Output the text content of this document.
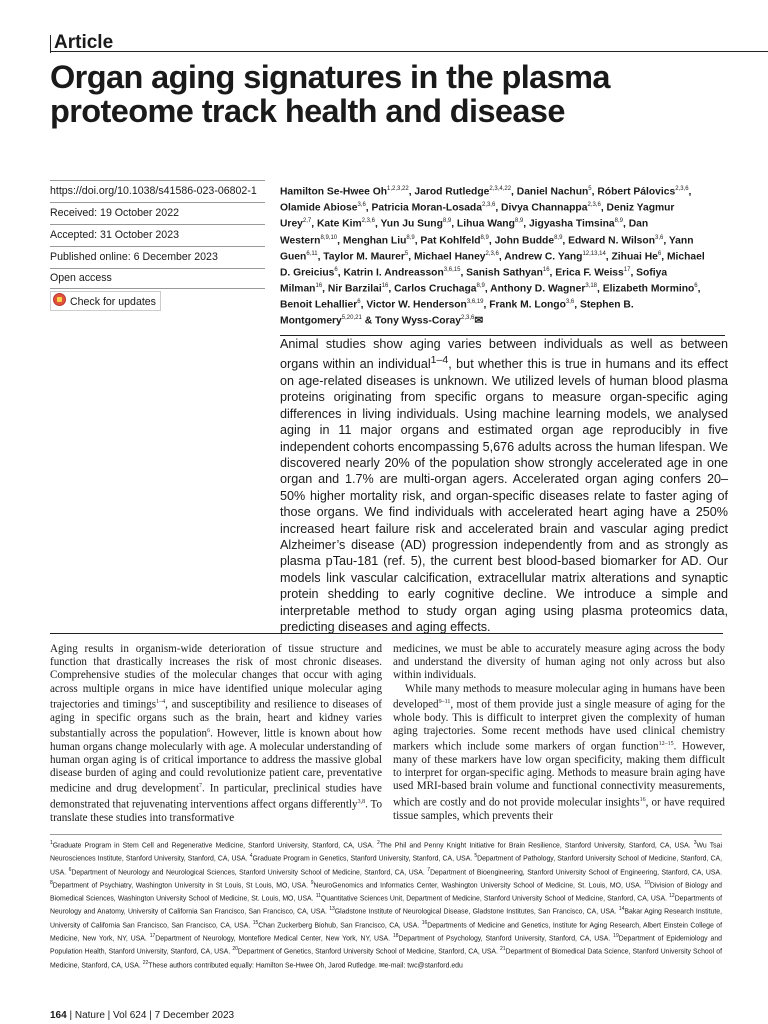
Article
Organ aging signatures in the plasma
proteome track health and disease
https://doi.org/10.1038/s41586-023-06802-1
Received: 19 October 2022
Accepted: 31 October 2023
Published online: 6 December 2023
Open access
Check for updates
Hamilton Se-Hwee Oh$^{1,2,3,22}$, Jarod Rutledge$^{2,3,4,22}$, Daniel Nachun$^5$, Róbert Pálovics$^{2,3,6}$, Olamide Abiose$^{3,6}$, Patricia Moran-Losada$^{2,3,6}$, Divya Channappa$^{2,3,6}$, Deniz Yagmur Urey$^{2,7}$, Kate Kim$^{2,3,6}$, Yun Ju Sung$^{8,9}$, Lihua Wang$^{8,9}$, Jigyasha Timsina$^{8,9}$, Dan Western$^{8,9,10}$, Menghan Liu$^{8,9}$, Pat Kohlfeld$^{8,9}$, John Budde$^{8,9}$, Edward N. Wilson$^{3,6}$, Yann Guen$^{6,11}$, Taylor M. Maurer$^5$, Michael Haney$^{2,3,6}$, Andrew C. Yang$^{12,13,14}$, Zihuai He$^6$, Michael D. Greicius$^6$, Katrin I. Andreasson$^{3,6,15}$, Sanish Sathyan$^{16}$, Erica F. Weiss$^{17}$, Sofiya Milman$^{16}$, Nir Barzilai$^{16}$, Carlos Cruchaga$^{8,9}$, Anthony D. Wagner$^{3,18}$, Elizabeth Mormino$^6$, Benoit Lehallier$^6$, Victor W. Henderson$^{3,6,19}$, Frank M. Longo$^{3,6}$, Stephen B. Montgomery$^{5,20,21}$ & Tony Wyss-Coray$^{2,3,6}$✉

Animal studies show aging varies between individuals as well as between organs within an individual$^{1-4}$, but whether this is true in humans and its effect on age-related diseases is unknown. We utilized levels of human blood plasma proteins originating from specific organs to measure organ-specific aging differences in living individuals. Using machine learning models, we analysed aging in 11 major organs and estimated organ age reproducibly in five independent cohorts encompassing 5,676 adults across the human lifespan. We discovered nearly 20% of the population show strongly accelerated age in one organ and 1.7% are multi-organ agers. Accelerated organ aging confers 20–50% higher mortality risk, and organ-specific diseases relate to faster aging of those organs. We find individuals with accelerated heart aging have a 250% increased heart failure risk and accelerated brain and vascular aging predict Alzheimer’s disease (AD) progression independently from and as strongly as plasma pTau-181 (ref. 5), the current best blood-based biomarker for AD. Our models link vascular calcification, extracellular matrix alterations and synaptic protein shedding to early cognitive decline. We introduce a simple and interpretable method to study organ aging using plasma proteomics data, predicting diseases and aging effects.

Aging results in organism-wide deterioration of tissue structure and function that drastically increases the risk of most chronic diseases. Comprehensive studies of the molecular changes that occur with aging across multiple organs in mice have identified unique molecular aging trajectories and timings$^{1-4}$, and susceptibility and resilience to diseases of aging in specific organs such as the brain, heart and kidney varies substantially across the population$^6$. However, little is known about how human organs change molecularly with age. A molecular understanding of human organ aging is of critical importance to address the massive global disease burden of aging and could revolutionize patient care, preventative medicine and drug development$^7$. In particular, preclinical studies have demonstrated that rejuvenating interventions affect organs differently$^{3,8}$. To translate these studies into transformative

medicines, we must be able to accurately measure aging across the body and understand the diversity of human aging not only across but also within individuals.

While many methods to measure molecular aging in humans have been developed$^{9-11}$, most of them provide just a single measure of aging for the whole body. This is difficult to interpret given the complexity of human aging trajectories. Some recent methods have used clinical chemistry markers which include some markers of organ function$^{12-15}$. However, many of these markers have low organ specificity, making them difficult to interpret for organ-specific aging. Methods to measure brain aging have used MRI-based brain volume and functional connectivity measurements, which are costly and do not provide molecular insights$^{16}$, or have required tissue samples, which prevents their

$^1$Graduate Program in Stem Cell and Regenerative Medicine, Stanford University, Stanford, CA, USA. $^2$The Phil and Penny Knight Initiative for Brain Resilience, Stanford University, Stanford, CA, USA. $^3$Wu Tsai Neurosciences Institute, Stanford University, Stanford, CA, USA. $^4$Graduate Program in Genetics, Stanford University, Stanford, CA, USA. $^5$Department of Pathology, Stanford University School of Medicine, Stanford, CA, USA. $^6$Department of Neurology and Neurological Sciences, Stanford University School of Medicine, Stanford, CA, USA. $^7$Department of Bioengineering, Stanford University School of Engineering, Stanford, CA, USA. $^8$Department of Psychiatry, Washington University in St Louis, St Louis, MO, USA. $^9$NeuroGenomics and Informatics Center, Washington University School of Medicine, St. Louis, MO, USA. $^{10}$Division of Biology and Biomedical Sciences, Washington University School of Medicine, St. Louis, MO, USA. $^{11}$Quantitative Sciences Unit, Department of Medicine, Stanford University School of Medicine, Stanford, CA, USA. $^{12}$Departments of Neurology and Anatomy, University of California San Francisco, San Francisco, CA, USA. $^{13}$Gladstone Institute of Neurological Disease, Gladstone Institutes, San Francisco, CA, USA. $^{14}$Bakar Aging Research Institute, University of California San Francisco, San Francisco, CA, USA. $^{15}$Chan Zuckerberg Biohub, San Francisco, CA, USA. $^{16}$Departments of Medicine and Genetics, Institute for Aging Research, Albert Einstein College of Medicine, New York, NY, USA. $^{17}$Department of Neurology, Montefiore Medical Center, New York, NY, USA. $^{18}$Department of Psychology, Stanford University, Stanford, CA, USA. $^{19}$Department of Epidemiology and Population Health, Stanford University, Stanford, CA, USA. $^{20}$Department of Genetics, Stanford University School of Medicine, Stanford, CA, USA. $^{21}$Department of Biomedical Data Science, Stanford University School of Medicine, Stanford, CA, USA. $^{22}$These authors contributed equally: Hamilton Se-Hwee Oh, Jarod Rutledge. ✉e-mail: twc@stanford.edu
164 | Nature | Vol 624 | 7 December 2023
